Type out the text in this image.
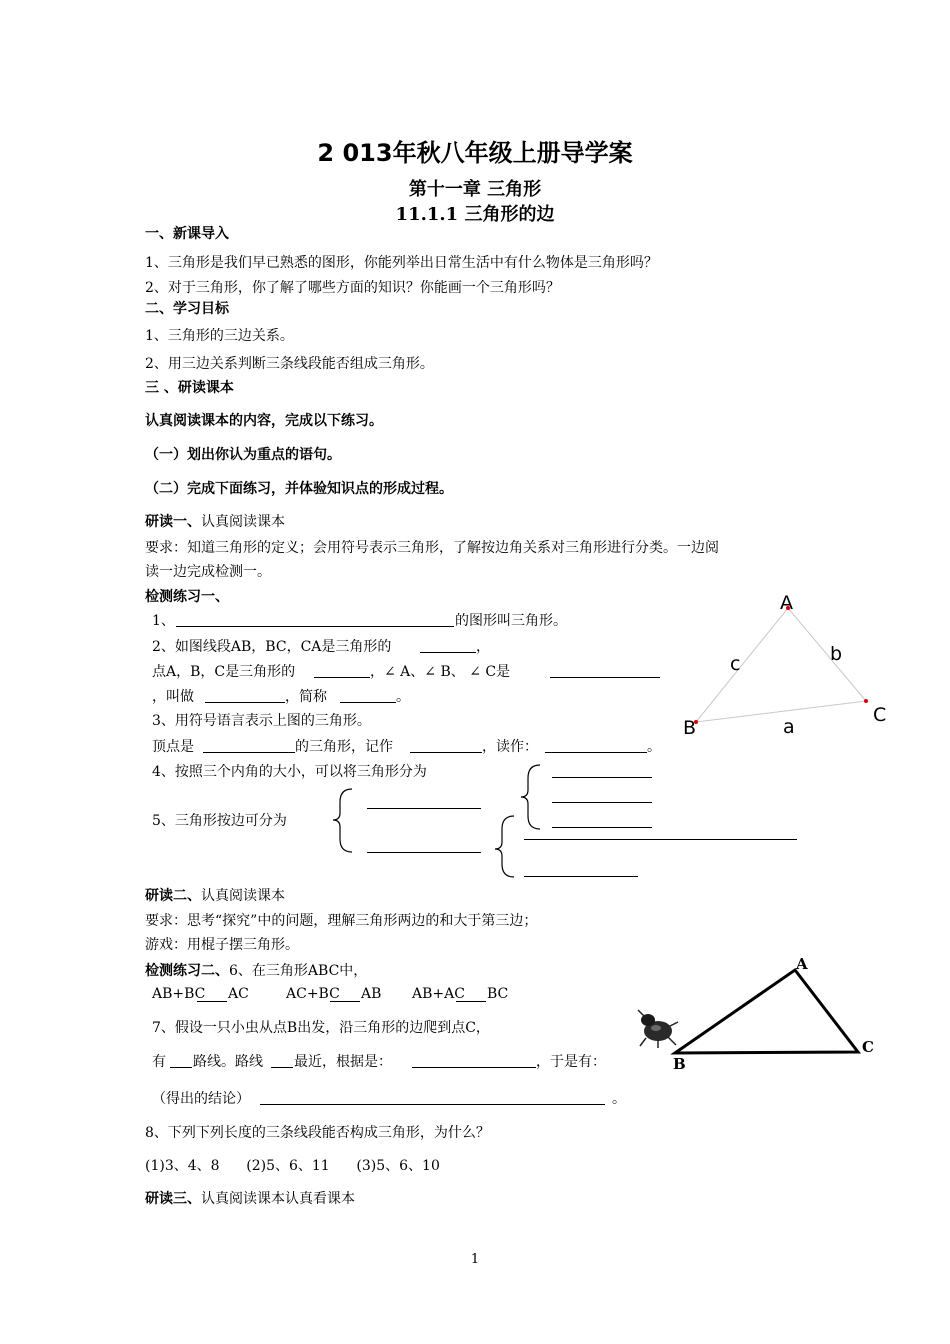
2 013年秋八年级上册导学案
第十一章 三角形
11.1.1 三角形的边
一、新课导入
1、三角形是我们早已熟悉的图形，你能列举出日常生活中有什么物体是三角形吗？
2、对于三角形，你了解了哪些方面的知识？你能画一个三角形吗？
二、学习目标
1、三角形的三边关系。
2、用三边关系判断三条线段能否组成三角形。
三 、研读课本
认真阅读课本的内容，完成以下练习。
（一）划出你认为重点的语句。
（二）完成下面练习，并体验知识点的形成过程。
研读一、认真阅读课本
要求：知道三角形的定义；会用符号表示三角形，了解按边角关系对三角形进行分类。一边阅
读一边完成检测一。
检测练习一、
1、	的图形叫三角形。
2、如图线段AB，BC，CA是三角形的	，
点A，B，C是三角形的	，∠ A、∠ B、 ∠ C是
，叫做	，简称	。
3、用符号语言表示上图的三角形。
顶点是	的三角形，记作	，读作：	。
4、按照三个内角的大小，可以将三角形分为
5、三角形按边可分为
A
B
C
a
b
c
研读二、认真阅读课本
要求：思考“探究”中的问题，理解三角形两边的和大于第三边；
游戏：用棍子摆三角形。
检测练习二、6、在三角形ABC中，
AB+BC AC	AC+BC AB AB+AC BC
7、假设一只小虫从点B出发，沿三角形的边爬到点C，
有 路线。路线 最近，根据是：	，于是有：
（得出的结论）	。
A
B
C
8、下列下列长度的三条线段能否构成三角形，为什么？
(1)3、4、8      (2)5、6、11      (3)5、6、10
研读三、认真阅读课本认真看课本
1
